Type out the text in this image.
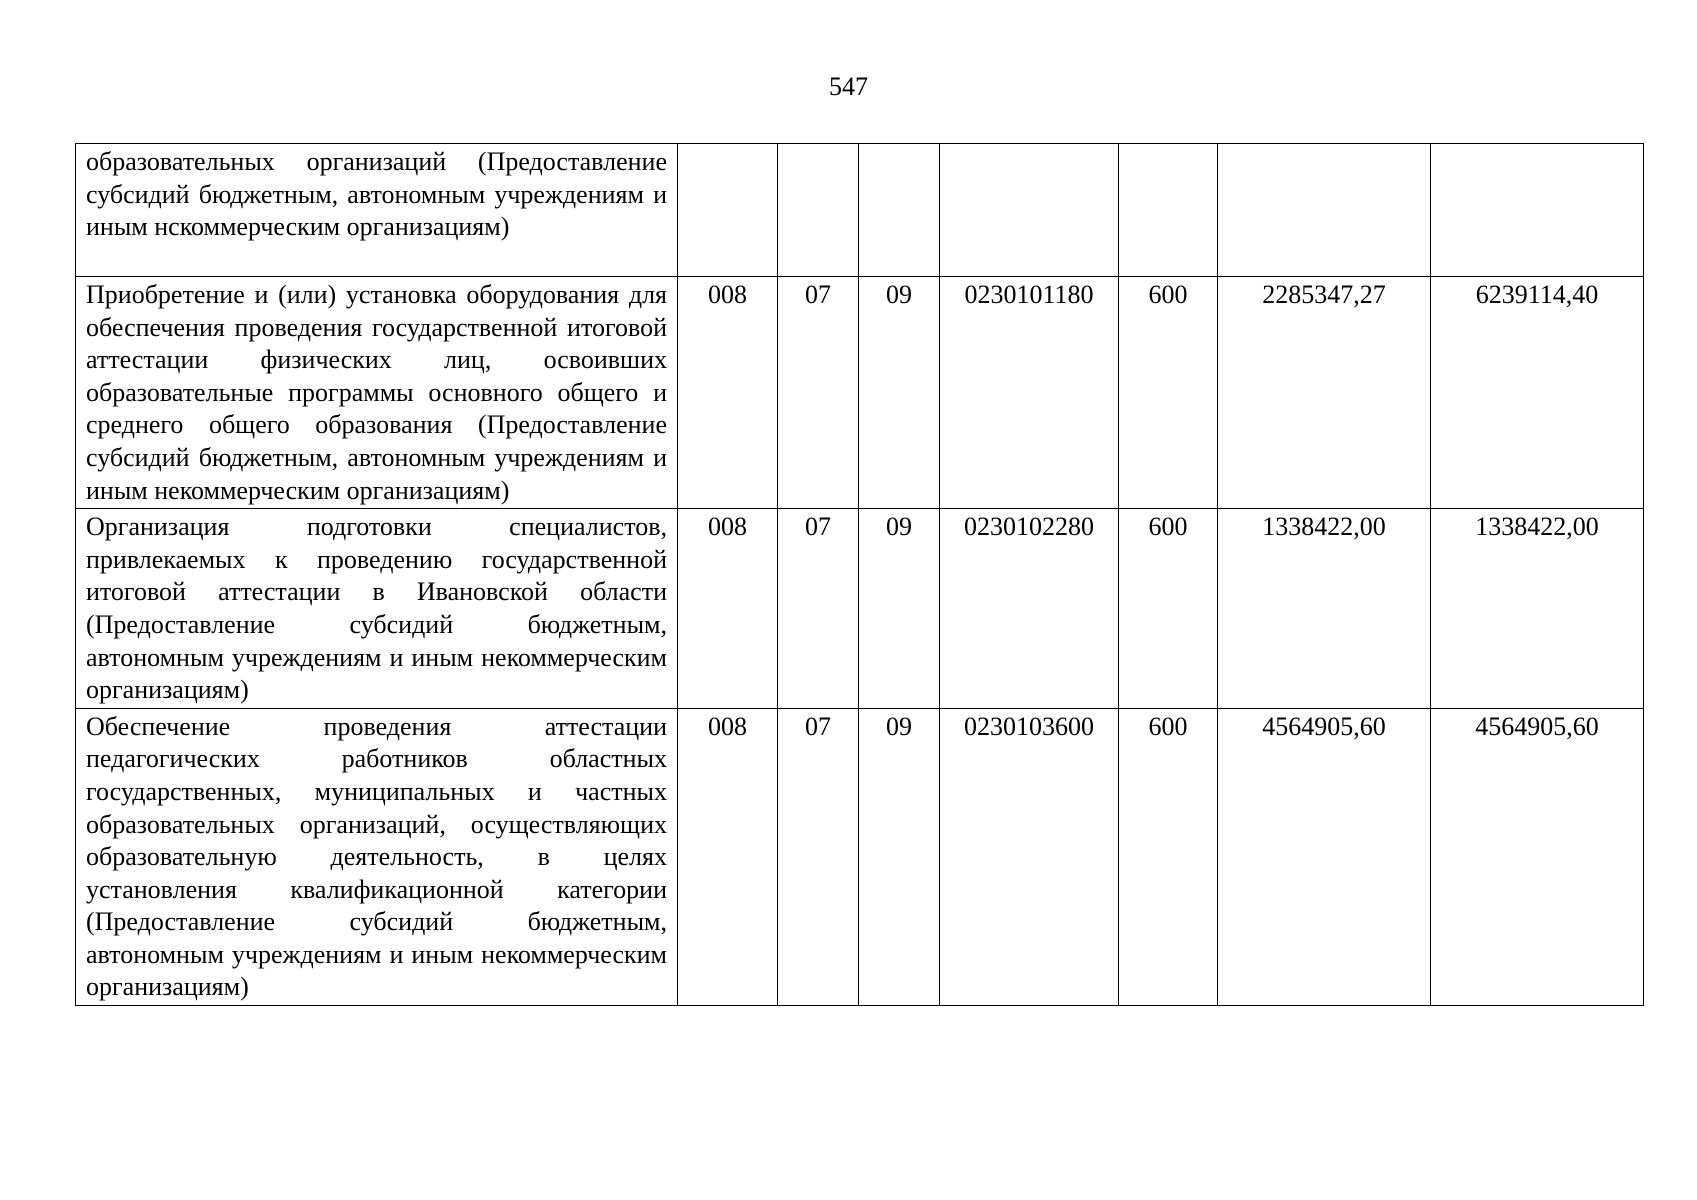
547
образовательных организаций (Предоставление субсидий бюджетным, автономным учреждениям и иным нскоммерческим организациям)							
Приобретение и (или) установка оборудования для обеспечения проведения государственной итоговой аттестации физических лиц, освоивших образовательные программы основного общего и среднего общего образования (Предоставление субсидий бюджетным, автономным учреждениям и иным некоммерческим организациям)	008	07	09	0230101180	600	2285347,27	6239114,40
Организация подготовки специалистов, привлекаемых к проведению государственной итоговой аттестации в Ивановской области (Предоставление субсидий бюджетным, автономным учреждениям и иным некоммерческим организациям)	008	07	09	0230102280	600	1338422,00	1338422,00
Обеспечение проведения аттестации педагогических работников областных государственных, муниципальных и частных образовательных организаций, осуществляющих образовательную деятельность, в целях установления квалификационной категории (Предоставление субсидий бюджетным, автономным учреждениям и иным некоммерческим организациям)	008	07	09	0230103600	600	4564905,60	4564905,60
